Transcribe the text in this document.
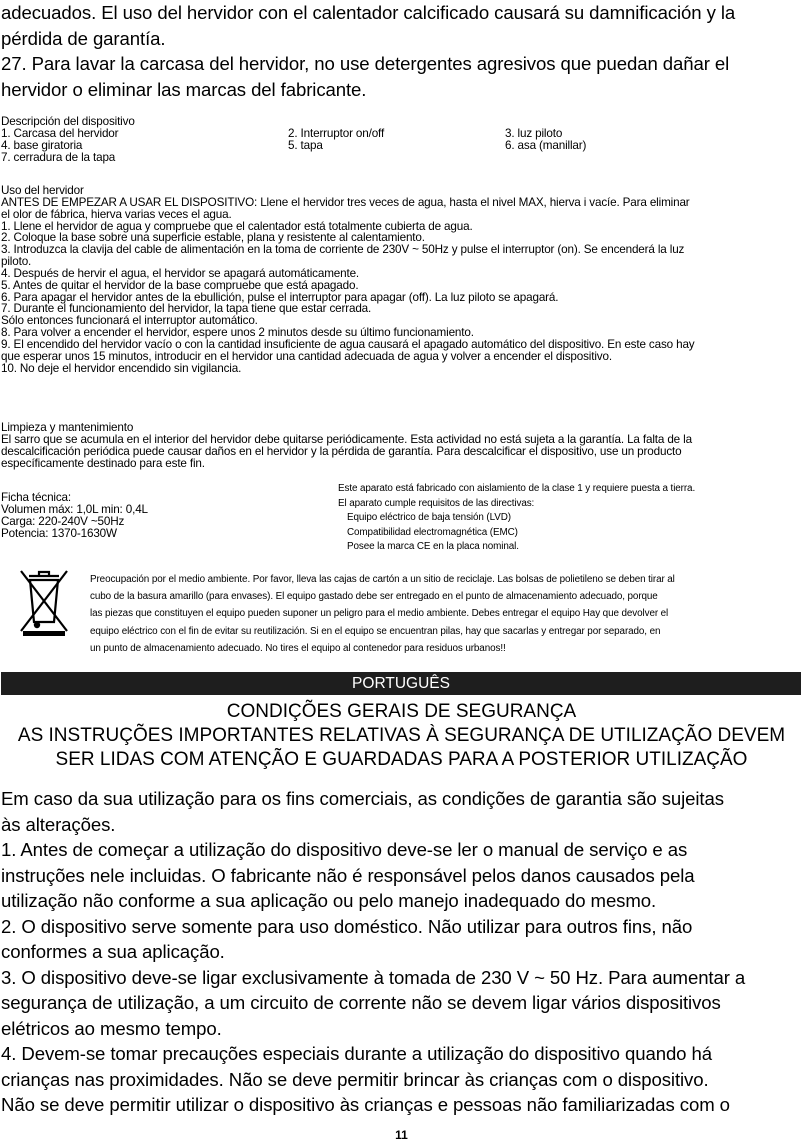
adecuados. El uso del hervidor con el calentador calcificado causará su damnificación y la
pérdida de garantía.
27. Para lavar la carcasa del hervidor, no use detergentes agresivos que puedan dañar el
hervidor o eliminar las marcas del fabricante.
Descripción del dispositivo
1. Carcasa del hervidor	2. Interruptor on/off	3. luz piloto
4. base giratoria	5. tapa	6. asa (manillar)
7. cerradura de la tapa
Uso del hervidor
ANTES DE EMPEZAR A USAR EL DISPOSITIVO: Llene el hervidor tres veces de agua, hasta el nivel MAX, hierva i vacíe. Para eliminar
el olor de fábrica, hierva varias veces el agua.
1. Llene el hervidor de agua y compruebe que el calentador está totalmente cubierta de agua.
2. Coloque la base sobre una superficie estable, plana y resistente al calentamiento.
3. Introduzca la clavija del cable de alimentación en la toma de corriente de 230V ~ 50Hz y pulse el interruptor (on). Se encenderá la luz
piloto.
4. Después de hervir el agua, el hervidor se apagará automáticamente.
5. Antes de quitar el hervidor de la base compruebe que está apagado.
6. Para apagar el hervidor antes de la ebullición, pulse el interruptor para apagar (off). La luz piloto se apagará.
7. Durante el funcionamiento del hervidor, la tapa tiene que estar cerrada.
Sólo entonces funcionará el interruptor automático.
8. Para volver a encender el hervidor, espere unos 2 minutos desde su último funcionamiento.
9. El encendido del hervidor vacío o con la cantidad insuficiente de agua causará el apagado automático del dispositivo. En este caso hay
que esperar unos 15 minutos, introducir en el hervidor una cantidad adecuada de agua y volver a encender el dispositivo.
10. No deje el hervidor encendido sin vigilancia.
Limpieza y mantenimiento
El sarro que se acumula en el interior del hervidor debe quitarse periódicamente. Esta actividad no está sujeta a la garantía. La falta de la
descalcificación periódica puede causar daños en el hervidor y la pérdida de garantía. Para descalcificar el dispositivo, use un producto
específicamente destinado para este fin.
Ficha técnica:
Volumen máx: 1,0L min: 0,4L
Carga: 220-240V ~50Hz
Potencia: 1370-1630W
Este aparato está fabricado con aislamiento de la clase 1 y requiere puesta a tierra.
El aparato cumple requisitos de las directivas:
Equipo eléctrico de baja tensión (LVD)
Compatibilidad electromagnética (EMC)
Posee la marca CE en la placa nominal.
Preocupación por el medio ambiente. Por favor, lleva las cajas de cartón a un sitio de reciclaje. Las bolsas de polietileno se deben tirar al
cubo de la basura amarillo (para envases). El equipo gastado debe ser entregado en el punto de almacenamiento adecuado, porque
las piezas que constituyen el equipo pueden suponer un peligro para el medio ambiente. Debes entregar el equipo Hay que devolver el
equipo eléctrico con el fin de evitar su reutilización. Si en el equipo se encuentran pilas, hay que sacarlas y entregar por separado, en
un punto de almacenamiento adecuado. No tires el equipo al contenedor para residuos urbanos!!
PORTUGUÊS
CONDIÇÕES GERAIS DE SEGURANÇA
AS INSTRUÇÕES IMPORTANTES RELATIVAS À SEGURANÇA DE UTILIZAÇÃO DEVEM
SER LIDAS COM ATENÇÃO E GUARDADAS PARA A POSTERIOR UTILIZAÇÃO
Em caso da sua utilização para os fins comerciais, as condições de garantia são sujeitas
às alterações.
1. Antes de começar a utilização do dispositivo deve-se ler o manual de serviço e as
instruções nele incluidas. O fabricante não é responsável pelos danos causados pela
utilização não conforme a sua aplicação ou pelo manejo inadequado do mesmo.
2. O dispositivo serve somente para uso doméstico. Não utilizar para outros fins, não
conformes a sua aplicação.
3. O dispositivo deve-se ligar exclusivamente à tomada de 230 V ~ 50 Hz. Para aumentar a
segurança de utilização, a um circuito de corrente não se devem ligar vários dispositivos
elétricos ao mesmo tempo.
4. Devem-se tomar precauções especiais durante a utilização do dispositivo quando há
crianças nas proximidades. Não se deve permitir brincar às crianças com o dispositivo.
Não se deve permitir utilizar o dispositivo às crianças e pessoas não familiarizadas com o
11
